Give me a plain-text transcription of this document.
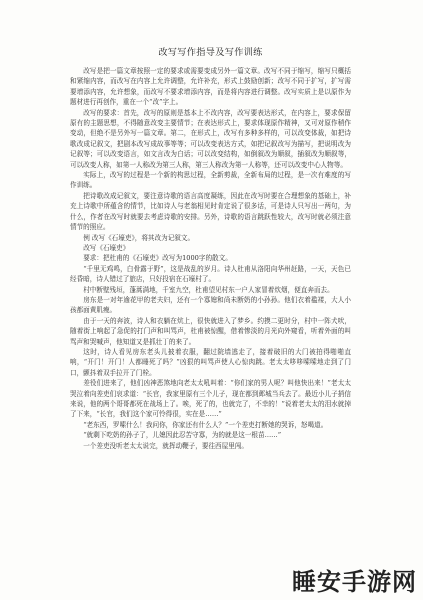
改写写作指导及写作训练

改写是把一篇文章按照一定的要求或需要变成另外一篇文章。改写不同于缩写，缩写只概括和紧缩内容，而改写在内容上允许调整，允许补充，形式上鼓励创新；改写不同于扩写，扩写需要增添内容，允许想象，而改写不要求增添内容，而是将内容进行调整。改写实质上是以原作为题材进行再创作，重在一个“改”字上。

改写的要求：首先，改写的原则是基本上不改内容，改写要表达形式，在内容上，要求保留原有的主题思想，不得随意改变主要情节；在表达形式上，要求体现原作精神，又可对原作稍作变动，但绝不是另外写一篇文章。第二，在形式上，改写有多种多样的，可以改变体裁，如把诗歌改成记叙文，把剧本改写成故事等等；可以改变表达方式，如把记叙改写为描写，把说明改为记叙等；可以改变语言，如文言改为白话；可以改变结构，如倒叙改为顺叙，插叙改为顺叙等，可以改变人称，如第一人称改为第三人称，第三人称改为第一人称等，还可以改变中心人物等。

实际上，改写的过程是一个新的构思过程，全新剪裁，全新布局的过程，是一次有难度的写作训练。

把诗歌改成记叙文，要注意诗歌的语言高度凝练，因此在改写时要在合理想象的基础上，补充上诗歌中所蕴含的情节，比如诗人与老翁相见时肯定说了很多话，可是诗人只写出一两句，为什么，作者在改写时就要去考虑诗歌的安排。另外，诗歌的语言跳跃性较大，改写时就必须注意情节的照应。

例 改写《石壕吏》，将其改为记叙文。

改写《石壕吏》

要求：把杜甫的《石壕吏》改写为1000字的散文。

“千里无鸡鸣，白骨露于野”，这是战乱的岁月。诗人杜甫从洛阳向华州赶路，一天，天色已经昏暗，诗人错过了旅店，只好投宿在石壕村了。

村中断壁残垣，蓬蒿满地，千室九空，杜甫望见村东一户人家冒着炊烟，便直奔而去。

房东是一对年逾花甲的老夫妇，还有一个寡媳和尚未断奶的小孙孙。他们衣着褴褛，大人小孩都面黄肌瘦。

由于一天的奔波，诗人和衣躺在炕上，很快就进入了梦乡。约摸二更时分，村中一阵犬吠，随着街上响起了急促的打门声和叫骂声，杜甫被惊醒，借着惨淡的月光向外窥看，听着外面的叫骂声和哭喊声，他知道又是抓壮丁的来了。

这时，诗人看见房东老头儿披着衣服，翻过院墙逃走了，接着破旧的大门被拍得啪啪直响，“开门！开门！人都睡死了吗？”凶狠的叫骂声使人心惊肉跳。老太太哆哆嗦嗦地走到了门口，颤抖着双手拉开了门栓。

差役们进来了，他们凶神恶煞地向老太太吼叫着：“你们家的男人呢？叫他快出来！”老太太哭泣着向差吏们哀求道：“长官，我家里原有三个儿子，现在都到邺城当兵去了。最近小儿子捎信来说，他的两个哥哥都死在战场上了。唉，死了的，也就完了，不幸的！”说着老太太的泪水就掉了下来，“长官，我们这个家可怜得很，实在是……”

“老东西，罗嗦什么！我问你，你家还有什么人？”一个差吏打断她的哭诉，怒喝道。

“就剩下吃奶的孙子了，儿媳因此忍苦守寡，为的就是这一根苗……”

一个差吏没听老太太说完，就挥动鞭子，要往西屋里闯。

睡安手游网
